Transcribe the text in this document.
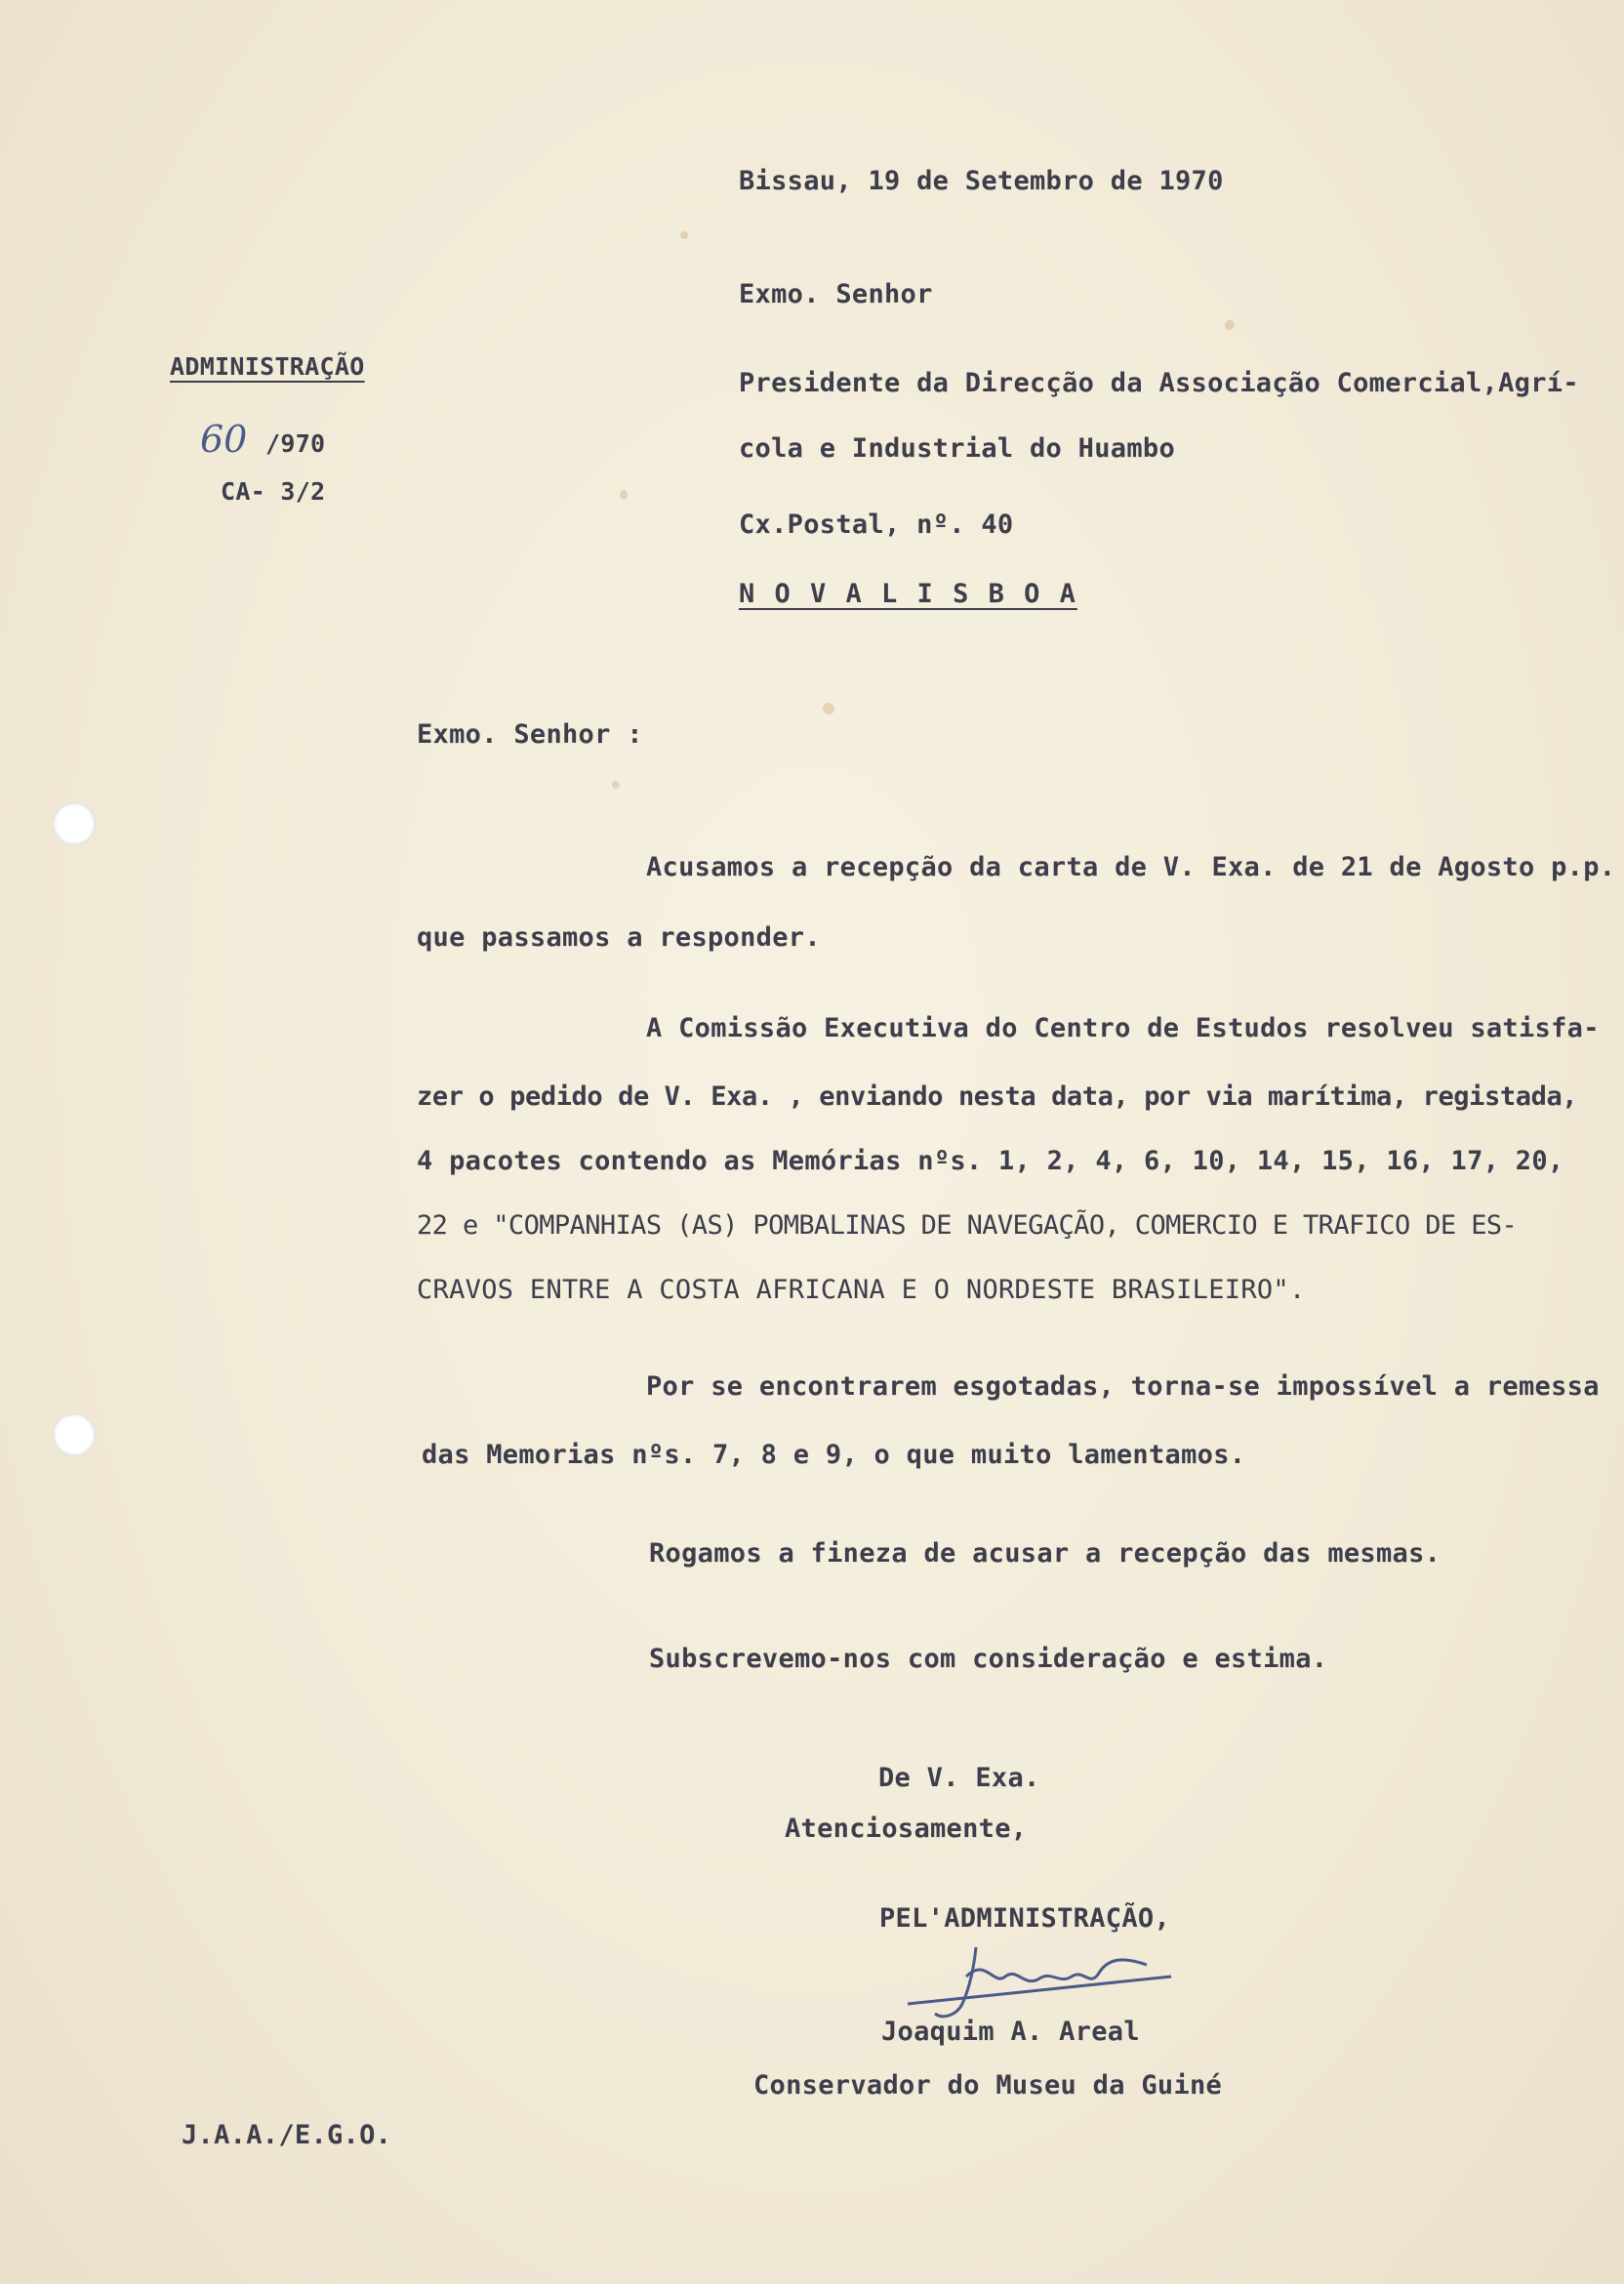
Bissau, 19 de Setembro de 1970
Exmo. Senhor
Presidente da Direcção da Associação Comercial,Agrí-
cola e Industrial do Huambo
Cx.Postal, nº. 40
N O V A L I S B O A
ADMINISTRAÇÃO
60 /970
CA- 3/2
Exmo. Senhor :
Acusamos a recepção da carta de V. Exa. de 21 de Agosto p.p.
que passamos a responder.
A Comissão Executiva do Centro de Estudos resolveu satisfa-
zer o pedido de V. Exa. , enviando nesta data, por via marítima, registada,
4 pacotes contendo as Memórias nºs. 1, 2, 4, 6, 10, 14, 15, 16, 17, 20,
22 e "COMPANHIAS (AS) POMBALINAS DE NAVEGAÇÃO, COMERCIO E TRAFICO DE ES-
CRAVOS ENTRE A COSTA AFRICANA E O NORDESTE BRASILEIRO".
Por se encontrarem esgotadas, torna-se impossível a remessa
das Memorias nºs. 7, 8 e 9, o que muito lamentamos.
Rogamos a fineza de acusar a recepção das mesmas.
Subscrevemo-nos com consideração e estima.
De V. Exa.
Atenciosamente,
PEL'ADMINISTRAÇÃO,
Joaquim A. Areal
Conservador do Museu da Guiné
J.A.A./E.G.O.
